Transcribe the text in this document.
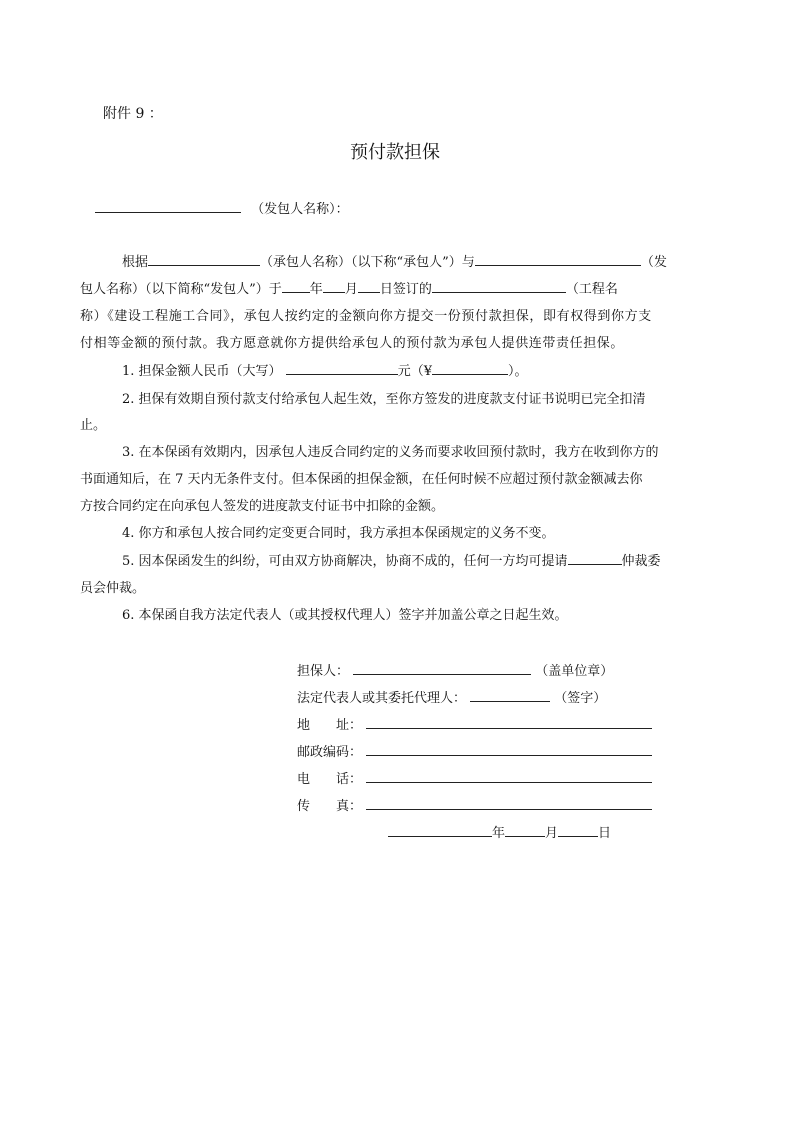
附件 9 ：
预付款担保
（发包人名称）：
根据	（承包人名称）（以下称“承包人”）与	（发
包人名称）（以下简称“发包人”）于 年 月 日签订的	（工程名
称）《建设工程施工合同》，承包人按约定的金额向你方提交一份预付款担保，即有权得到你方支
付相等金额的预付款。我方愿意就你方提供给承包人的预付款为承包人提供连带责任担保。
1. 担保金额人民币（大写）	元（¥	）。
2. 担保有效期自预付款支付给承包人起生效，至你方签发的进度款支付证书说明已完全扣清
止。
3. 在本保函有效期内，因承包人违反合同约定的义务而要求收回预付款时，我方在收到你方的
书面通知后，在 7 天内无条件支付。但本保函的担保金额，在任何时候不应超过预付款金额减去你
方按合同约定在向承包人签发的进度款支付证书中扣除的金额。
4. 你方和承包人按合同约定变更合同时，我方承担本保函规定的义务不变。
5. 因本保函发生的纠纷，可由双方协商解决，协商不成的，任何一方均可提请	仲裁委
员会仲裁。
6. 本保函自我方法定代表人（或其授权代理人）签字并加盖公章之日起生效。
担保人：	（盖单位章）
法定代表人或其委托代理人：	（签字）
地　　址：
邮政编码：
电　　话：
传　　真：
年	月	日
